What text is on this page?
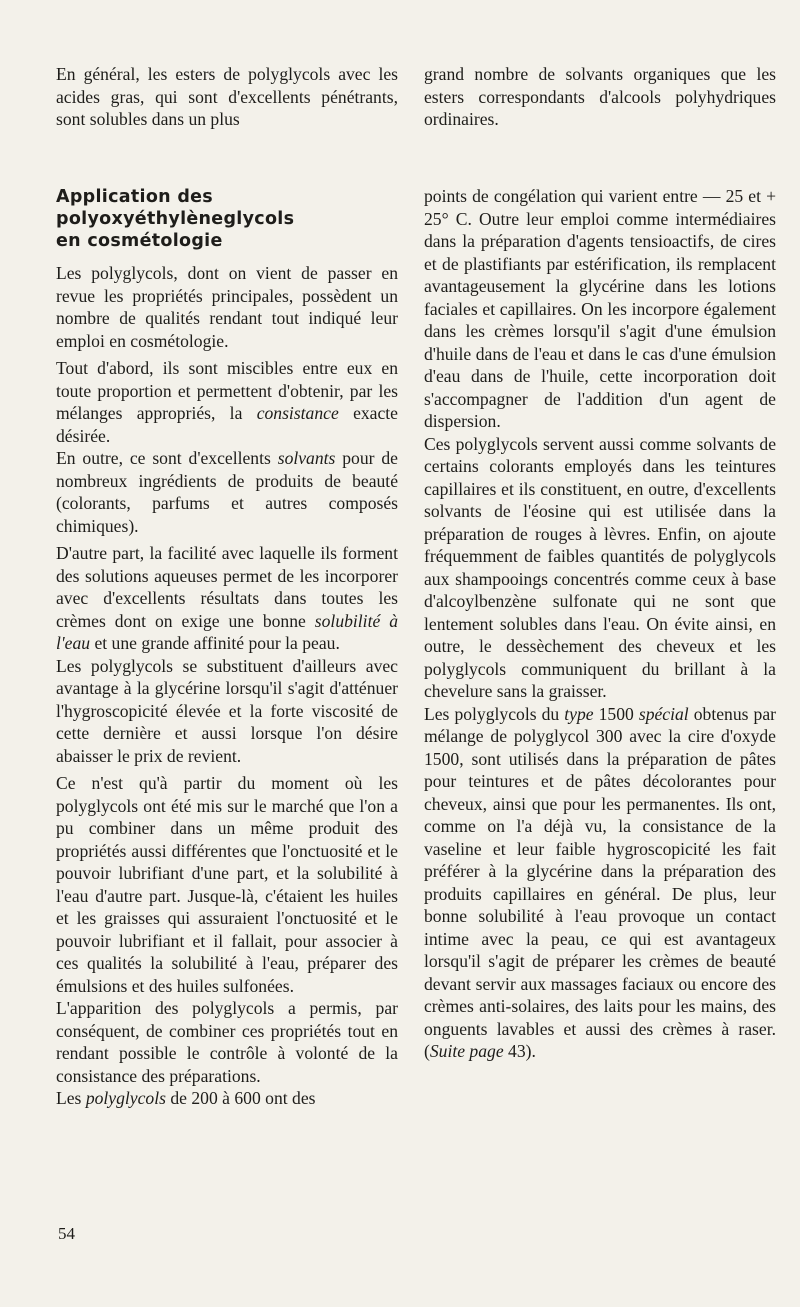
En général, les esters de polyglycols avec les acides gras, qui sont d'excellents pénétrants, sont solubles dans un plus

grand nombre de solvants organiques que les esters correspondants d'alcools polyhydriques ordinaires.

Application des
polyoxyéthylèneglycols
en cosmétologie

Les polyglycols, dont on vient de passer en revue les propriétés principales, possèdent un nombre de qualités rendant tout indiqué leur emploi en cosmétologie.

Tout d'abord, ils sont miscibles entre eux en toute proportion et permettent d'obtenir, par les mélanges appropriés, la consistance exacte désirée.

En outre, ce sont d'excellents solvants pour de nombreux ingrédients de produits de beauté (colorants, parfums et autres composés chimiques).

D'autre part, la facilité avec laquelle ils forment des solutions aqueuses permet de les incorporer avec d'excellents résultats dans toutes les crèmes dont on exige une bonne solubilité à l'eau et une grande affinité pour la peau.

Les polyglycols se substituent d'ailleurs avec avantage à la glycérine lorsqu'il s'agit d'atténuer l'hygroscopicité élevée et la forte viscosité de cette dernière et aussi lorsque l'on désire abaisser le prix de revient.

Ce n'est qu'à partir du moment où les polyglycols ont été mis sur le marché que l'on a pu combiner dans un même produit des propriétés aussi différentes que l'onctuosité et le pouvoir lubrifiant d'une part, et la solubilité à l'eau d'autre part. Jusque-là, c'étaient les huiles et les graisses qui assuraient l'onctuosité et le pouvoir lubrifiant et il fallait, pour associer à ces qualités la solubilité à l'eau, préparer des émulsions et des huiles sulfonées.

L'apparition des polyglycols a permis, par conséquent, de combiner ces propriétés tout en rendant possible le contrôle à volonté de la consistance des préparations.

Les polyglycols de 200 à 600 ont des

points de congélation qui varient entre — 25 et + 25° C. Outre leur emploi comme intermédiaires dans la préparation d'agents tensioactifs, de cires et de plastifiants par estérification, ils remplacent avantageusement la glycérine dans les lotions faciales et capillaires. On les incorpore également dans les crèmes lorsqu'il s'agit d'une émulsion d'huile dans de l'eau et dans le cas d'une émulsion d'eau dans de l'huile, cette incorporation doit s'accompagner de l'addition d'un agent de dispersion.

Ces polyglycols servent aussi comme solvants de certains colorants employés dans les teintures capillaires et ils constituent, en outre, d'excellents solvants de l'éosine qui est utilisée dans la préparation de rouges à lèvres. Enfin, on ajoute fréquemment de faibles quantités de polyglycols aux shampooings concentrés comme ceux à base d'alcoylbenzène sulfonate qui ne sont que lentement solubles dans l'eau. On évite ainsi, en outre, le dessèchement des cheveux et les polyglycols communiquent du brillant à la chevelure sans la graisser.

Les polyglycols du type 1500 spécial obtenus par mélange de polyglycol 300 avec la cire d'oxyde 1500, sont utilisés dans la préparation de pâtes pour teintures et de pâtes décolorantes pour cheveux, ainsi que pour les permanentes. Ils ont, comme on l'a déjà vu, la consistance de la vaseline et leur faible hygroscopicité les fait préférer à la glycérine dans la préparation des produits capillaires en général. De plus, leur bonne solubilité à l'eau provoque un contact intime avec la peau, ce qui est avantageux lorsqu'il s'agit de préparer les crèmes de beauté devant servir aux massages faciaux ou encore des crèmes anti-solaires, des laits pour les mains, des onguents lavables et aussi des crèmes à raser. (Suite page 43).

54
